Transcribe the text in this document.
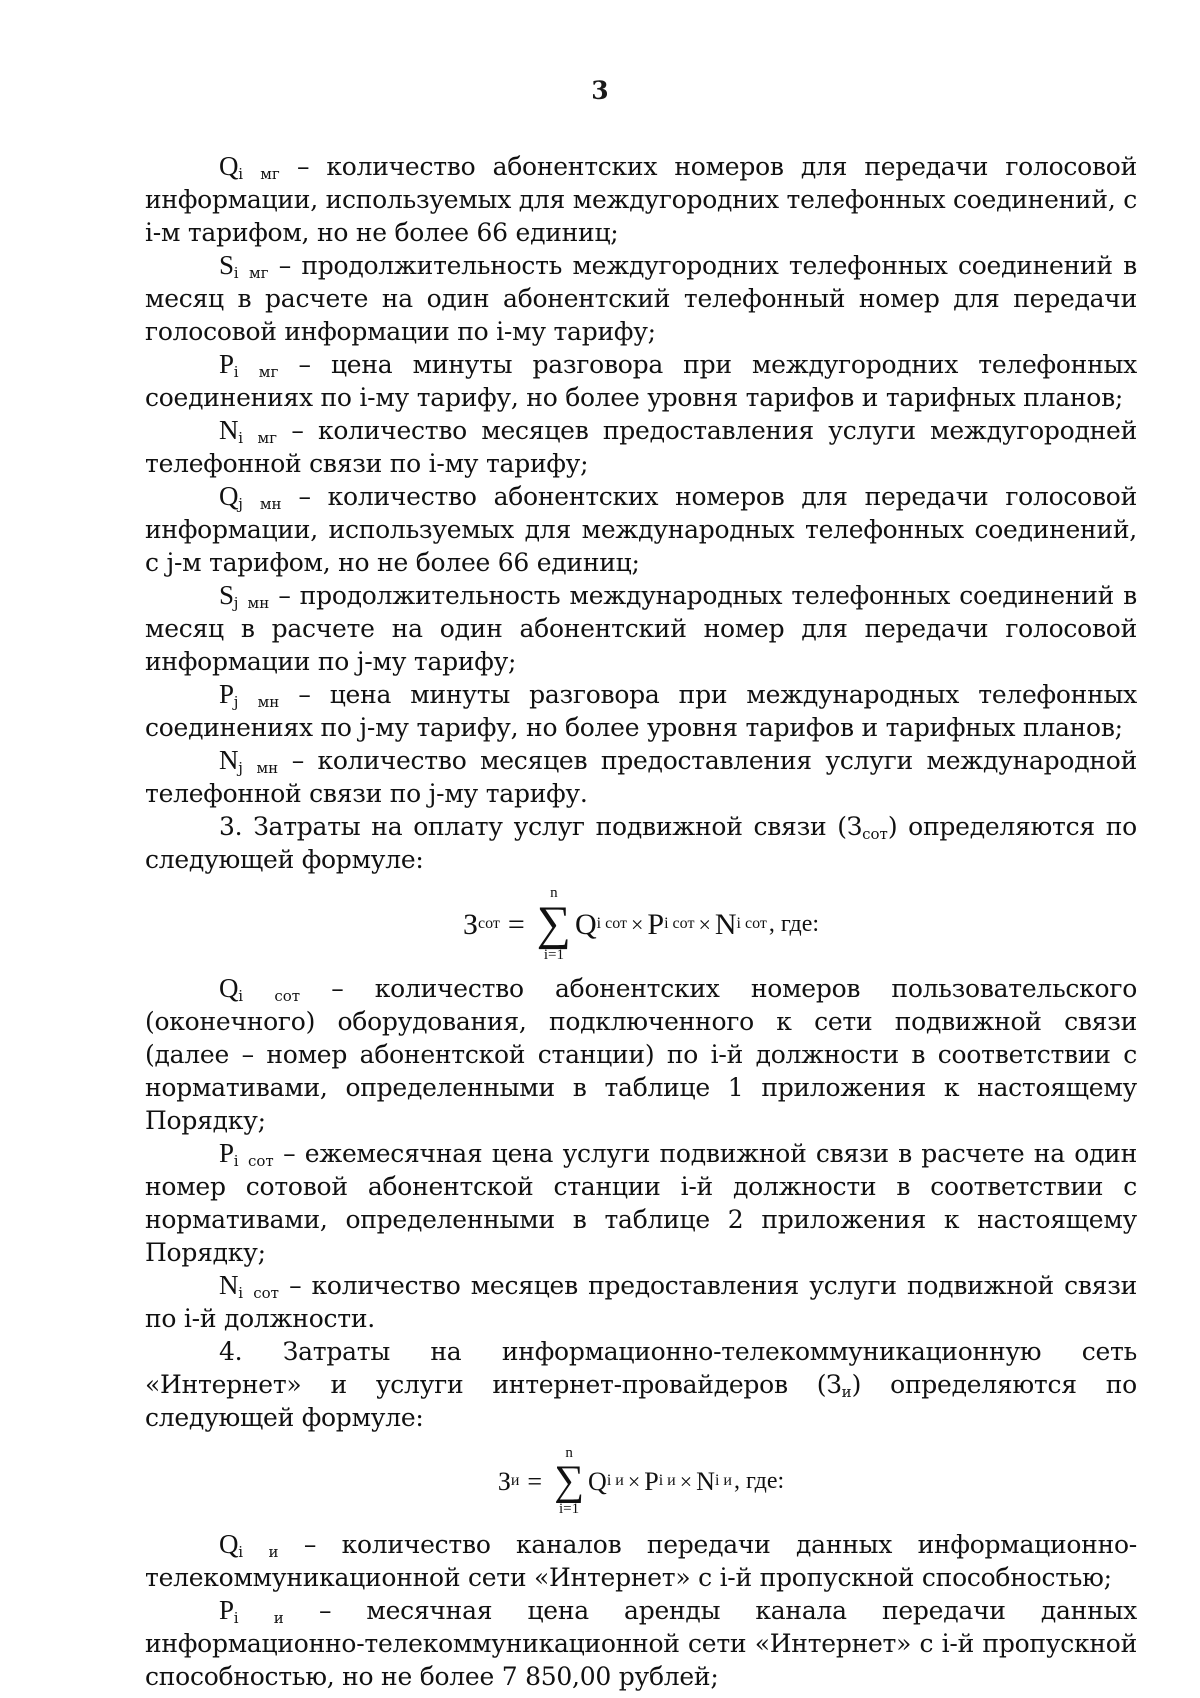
3

$Q_i$ $_{мг}$ – количество абонентских номеров для передачи голосовой информации, используемых для междугородних телефонных соединений, с i-м тарифом, но не более 66 единиц;

$S_i$ $_{мг}$ – продолжительность междугородних телефонных соединений в месяц в расчете на один абонентский телефонный номер для передачи голосовой информации по i-му тарифу;

$P_i$ $_{мг}$ – цена минуты разговора при междугородних телефонных соединениях по i-му тарифу, но более уровня тарифов и тарифных планов;

$N_i$ $_{мг}$ – количество месяцев предоставления услуги междугородней телефонной связи по i-му тарифу;

$Q_j$ $_{мн}$ – количество абонентских номеров для передачи голосовой информации, используемых для международных телефонных соединений, с j-м тарифом, но не более 66 единиц;

$S_j$ $_{мн}$ – продолжительность международных телефонных соединений в месяц в расчете на один абонентский номер для передачи голосовой информации по j-му тарифу;

$P_j$ $_{мн}$ – цена минуты разговора при международных телефонных соединениях по j-му тарифу, но более уровня тарифов и тарифных планов;

$N_j$ $_{мн}$ – количество месяцев предоставления услуги международной телефонной связи по j-му тарифу.

3. Затраты на оплату услуг подвижной связи $(З_{сот})$ определяются по следующей формуле:

З сот =
n
∑
i=1
Q i сот × P i сот × N i сот , где:

$Q_i$ $_{сот}$ – количество абонентских номеров пользовательского (оконечного) оборудования, подключенного к сети подвижной связи (далее – номер абонентской станции) по i-й должности в соответствии с нормативами, определенными в таблице 1 приложения к настоящему Порядку;

$P_i$ $_{сот}$ – ежемесячная цена услуги подвижной связи в расчете на один номер сотовой абонентской станции i-й должности в соответствии с нормативами, определенными в таблице 2 приложения к настоящему Порядку;

$N_i$ $_{сот}$ – количество месяцев предоставления услуги подвижной связи по i-й должности.

4. Затраты на информационно-телекоммуникационную сеть «Интернет» и услуги интернет-провайдеров $(З_и)$ определяются по следующей формуле:

З и =
n
∑
i=1
Q i и × P i и × N i и , где:

$Q_i$ $_и$ – количество каналов передачи данных информационно-телекоммуникационной сети «Интернет» с i-й пропускной способностью;

$P_i$ $_и$ – месячная цена аренды канала передачи данных информационно-телекоммуникационной сети «Интернет» с i-й пропускной способностью, но не более 7 850,00 рублей;
